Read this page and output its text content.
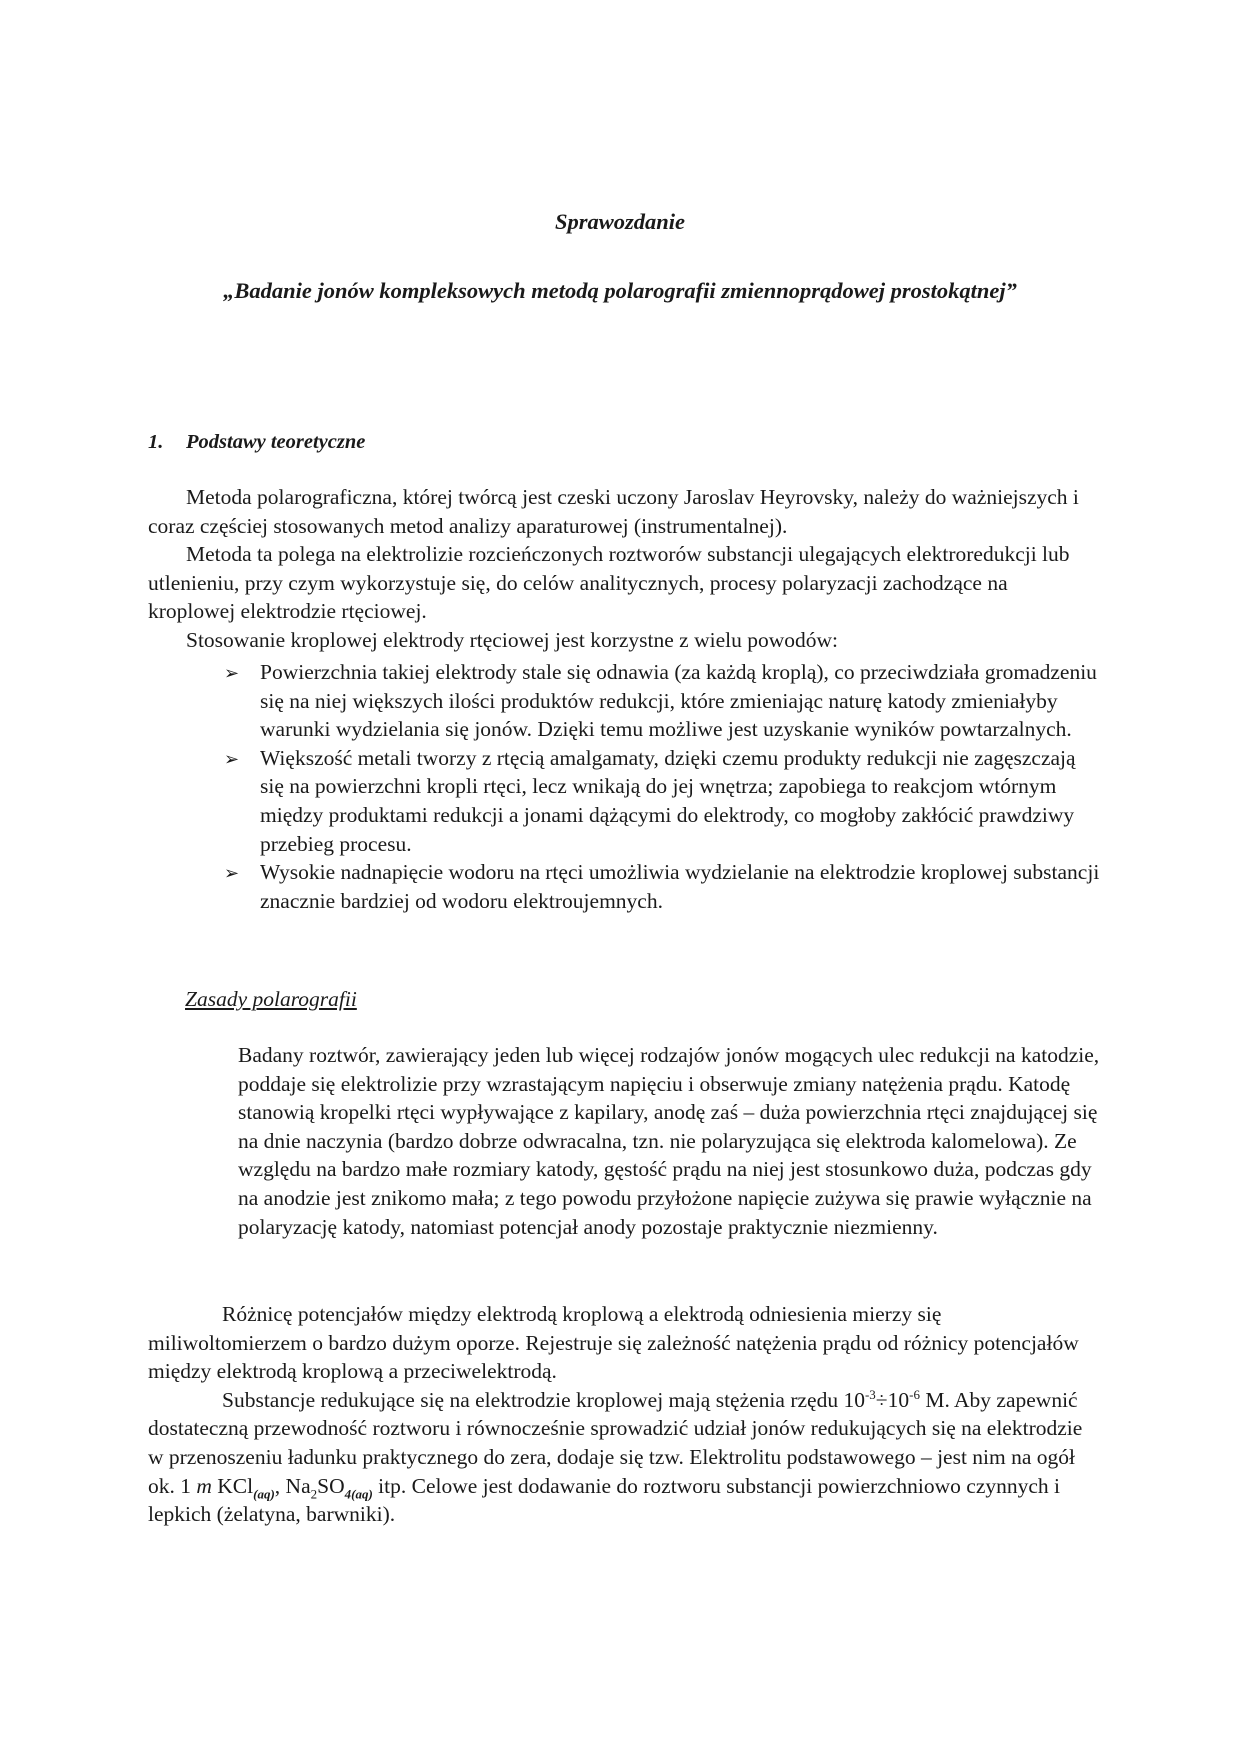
Sprawozdanie
„Badanie jonów kompleksowych metodą polarografii zmiennoprądowej prostokątnej”
1. Podstawy teoretyczne

Metoda polarograficzna, której twórcą jest czeski uczony Jaroslav Heyrovsky, należy do ważniejszych i coraz częściej stosowanych metod analizy aparaturowej (instrumentalnej).

Metoda ta polega na elektrolizie rozcieńczonych roztworów substancji ulegających elektroredukcji lub utlenieniu, przy czym wykorzystuje się, do celów analitycznych, procesy polaryzacji zachodzące na kroplowej elektrodzie rtęciowej.

Stosowanie kroplowej elektrody rtęciowej jest korzystne z wielu powodów:

➢ Powierzchnia takiej elektrody stale się odnawia (za każdą kroplą), co przeciwdziała gromadzeniu się na niej większych ilości produktów redukcji, które zmieniając naturę katody zmieniałyby warunki wydzielania się jonów. Dzięki temu możliwe jest uzyskanie wyników powtarzalnych.
➢ Większość metali tworzy z rtęcią amalgamaty, dzięki czemu produkty redukcji nie zagęszczają się na powierzchni kropli rtęci, lecz wnikają do jej wnętrza; zapobiega to reakcjom wtórnym między produktami redukcji a jonami dążącymi do elektrody, co mogłoby zakłócić prawdziwy przebieg procesu.
➢ Wysokie nadnapięcie wodoru na rtęci umożliwia wydzielanie na elektrodzie kroplowej substancji znacznie bardziej od wodoru elektroujemnych.
Zasady polarografii
Badany roztwór, zawierający jeden lub więcej rodzajów jonów mogących ulec redukcji na katodzie, poddaje się elektrolizie przy wzrastającym napięciu i obserwuje zmiany natężenia prądu. Katodę stanowią kropelki rtęci wypływające z kapilary, anodę zaś – duża powierzchnia rtęci znajdującej się na dnie naczynia (bardzo dobrze odwracalna, tzn. nie polaryzująca się elektroda kalomelowa). Ze względu na bardzo małe rozmiary katody, gęstość prądu na niej jest stosunkowo duża, podczas gdy na anodzie jest znikomo mała; z tego powodu przyłożone napięcie zużywa się prawie wyłącznie na polaryzację katody, natomiast potencjał anody pozostaje praktycznie niezmienny.

Różnicę potencjałów między elektrodą kroplową a elektrodą odniesienia mierzy się miliwoltomierzem o bardzo dużym oporze. Rejestruje się zależność natężenia prądu od różnicy potencjałów między elektrodą kroplową a przeciwelektrodą.

Substancje redukujące się na elektrodzie kroplowej mają stężenia rzędu $10^{-3}\div 10^{-6}$ M. Aby zapewnić dostateczną przewodność roztworu i równocześnie sprowadzić udział jonów redukujących się na elektrodzie w przenoszeniu ładunku praktycznego do zera, dodaje się tzw. Elektrolitu podstawowego – jest nim na ogół ok. 1 m KCl$_{(aq)}$, $Na_2SO_{4(aq)}$ itp. Celowe jest dodawanie do roztworu substancji powierzchniowo czynnych i lepkich (żelatyna, barwniki).
